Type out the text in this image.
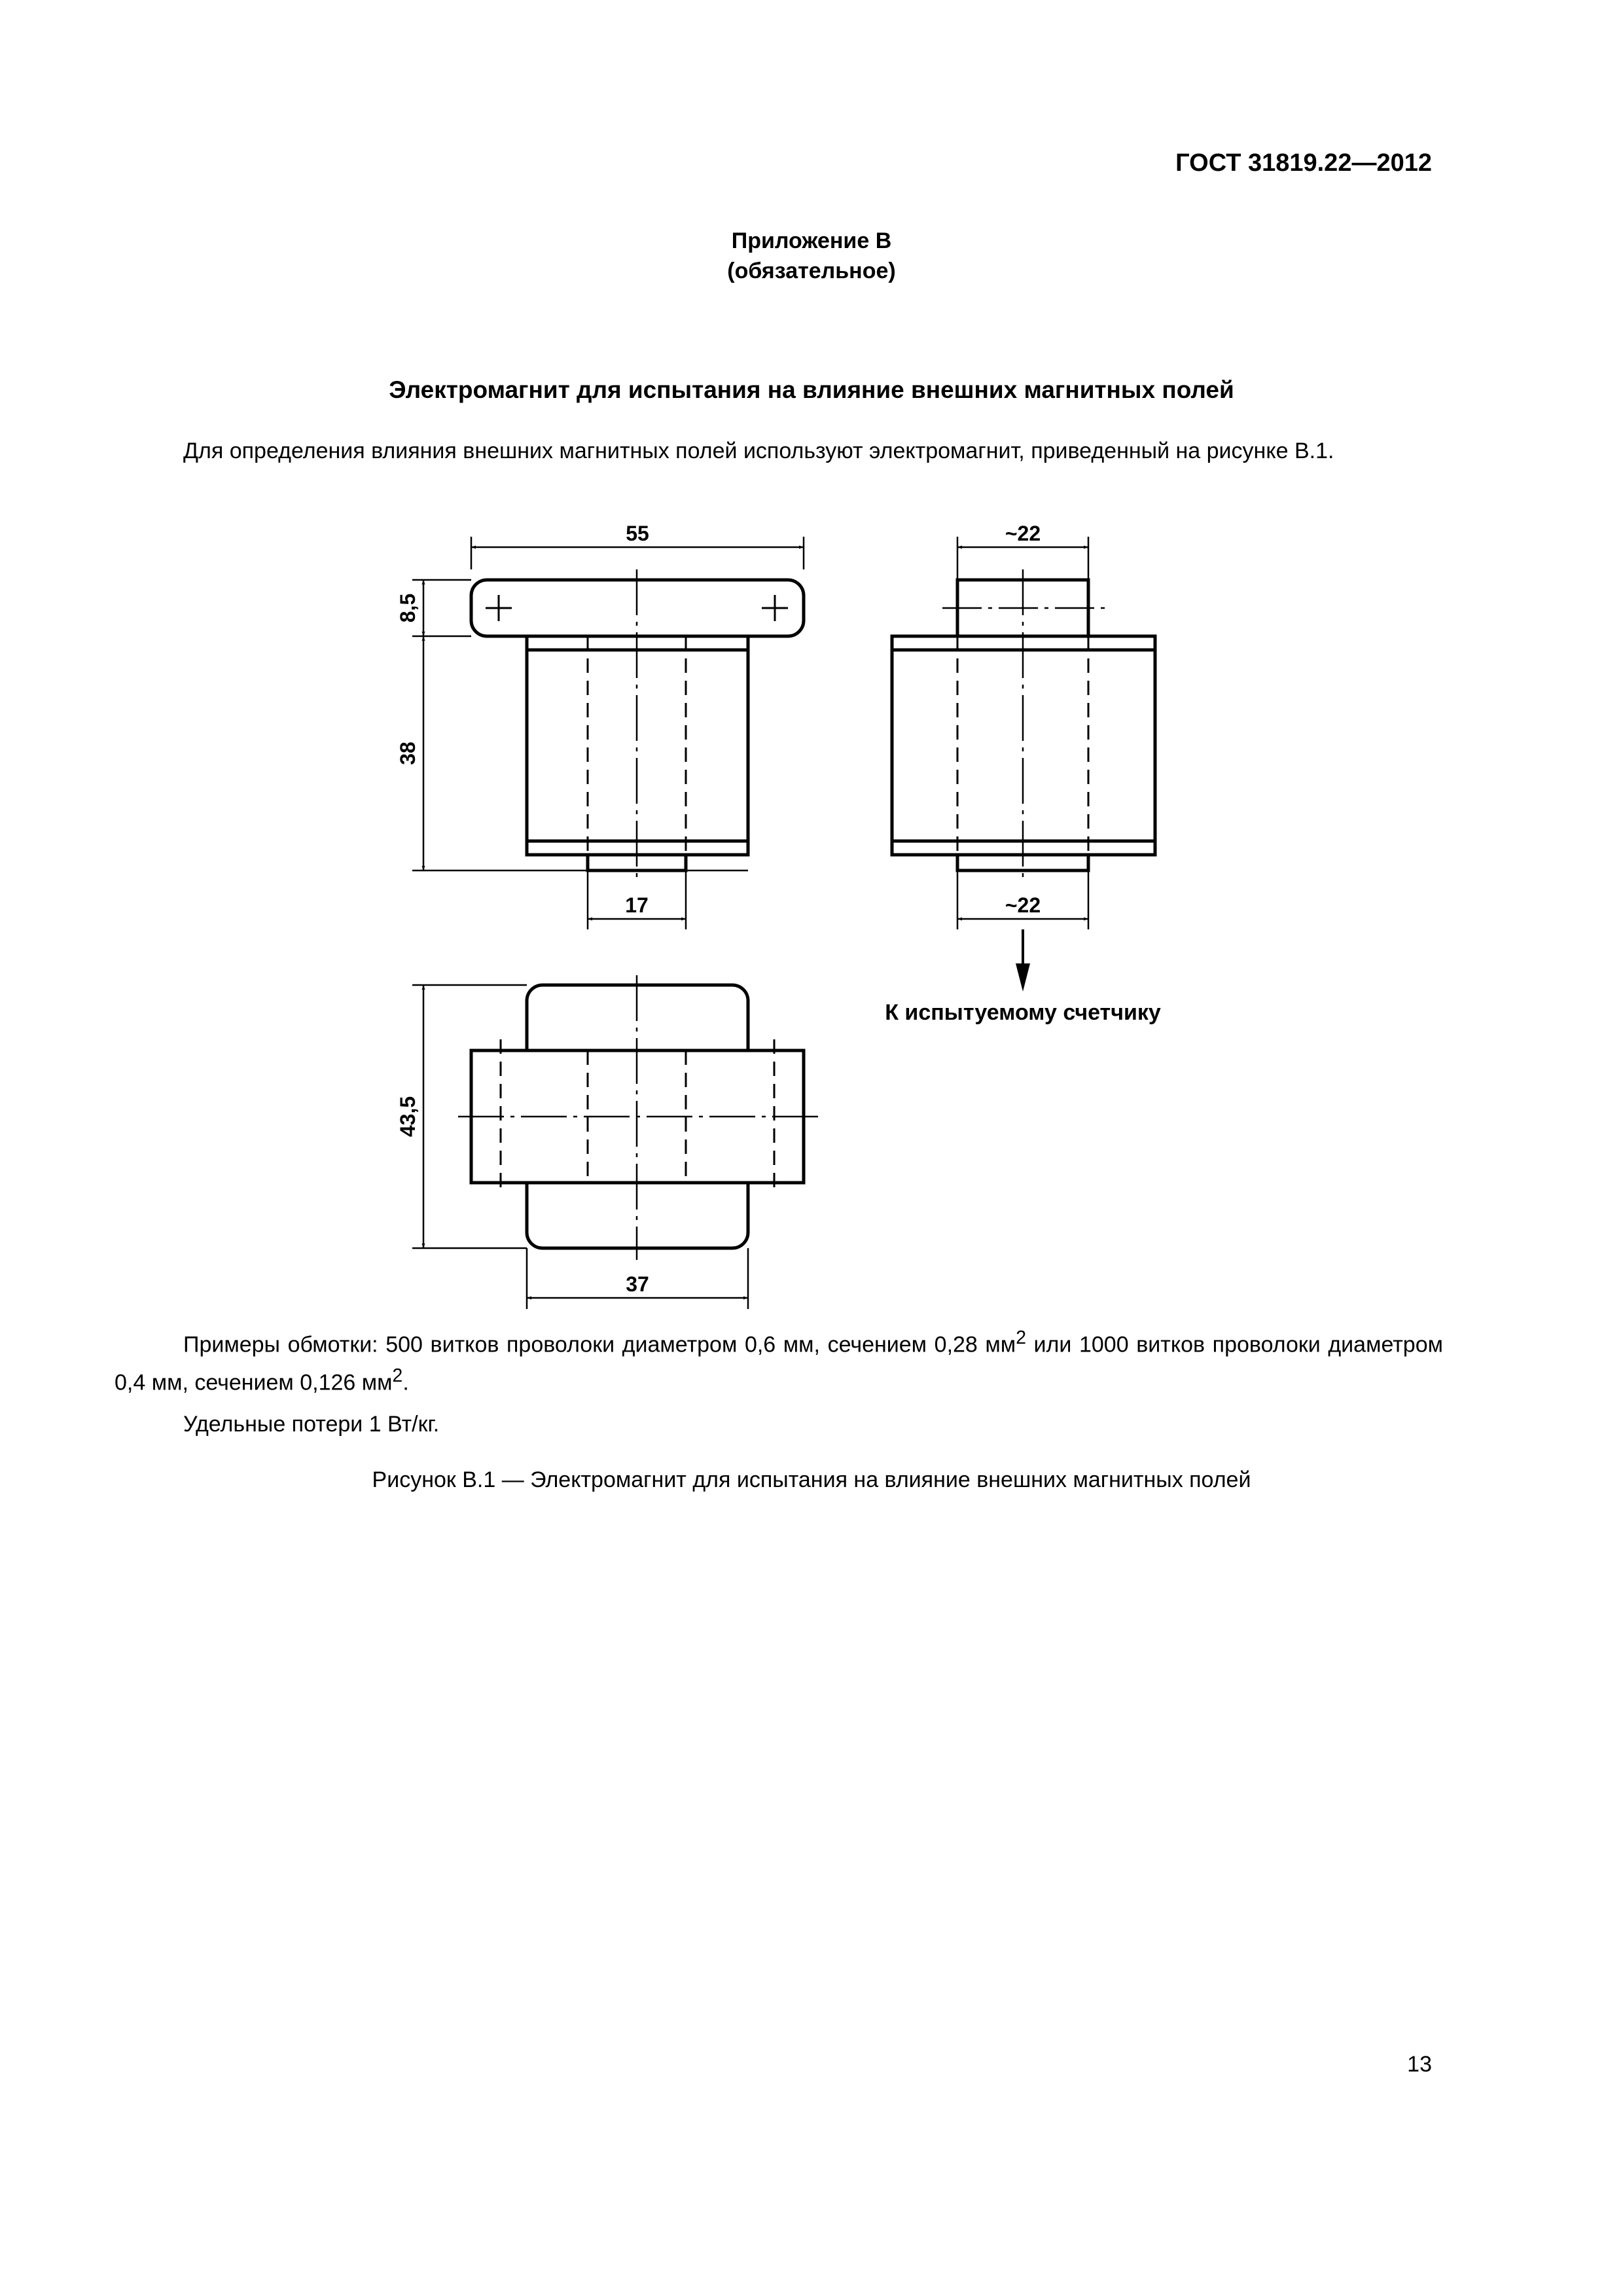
ГОСТ 31819.22—2012
Приложение В
(обязательное)
Электромагнит для испытания на влияние внешних магнитных полей
Для определения влияния внешних магнитных полей используют электромагнит, приведенный на рисунке В.1.
55
8,5
38
17
~22
~22
43,5
37
К испытуемому счетчику
Примеры обмотки: 500 витков проволоки диаметром 0,6 мм, сечением 0,28 $мм^2$ или 1000 витков проволоки диаметром 0,4 мм, сечением 0,126 $мм^2$.
Удельные потери 1 Вт/кг.
Рисунок В.1 — Электромагнит для испытания на влияние внешних магнитных полей
13
